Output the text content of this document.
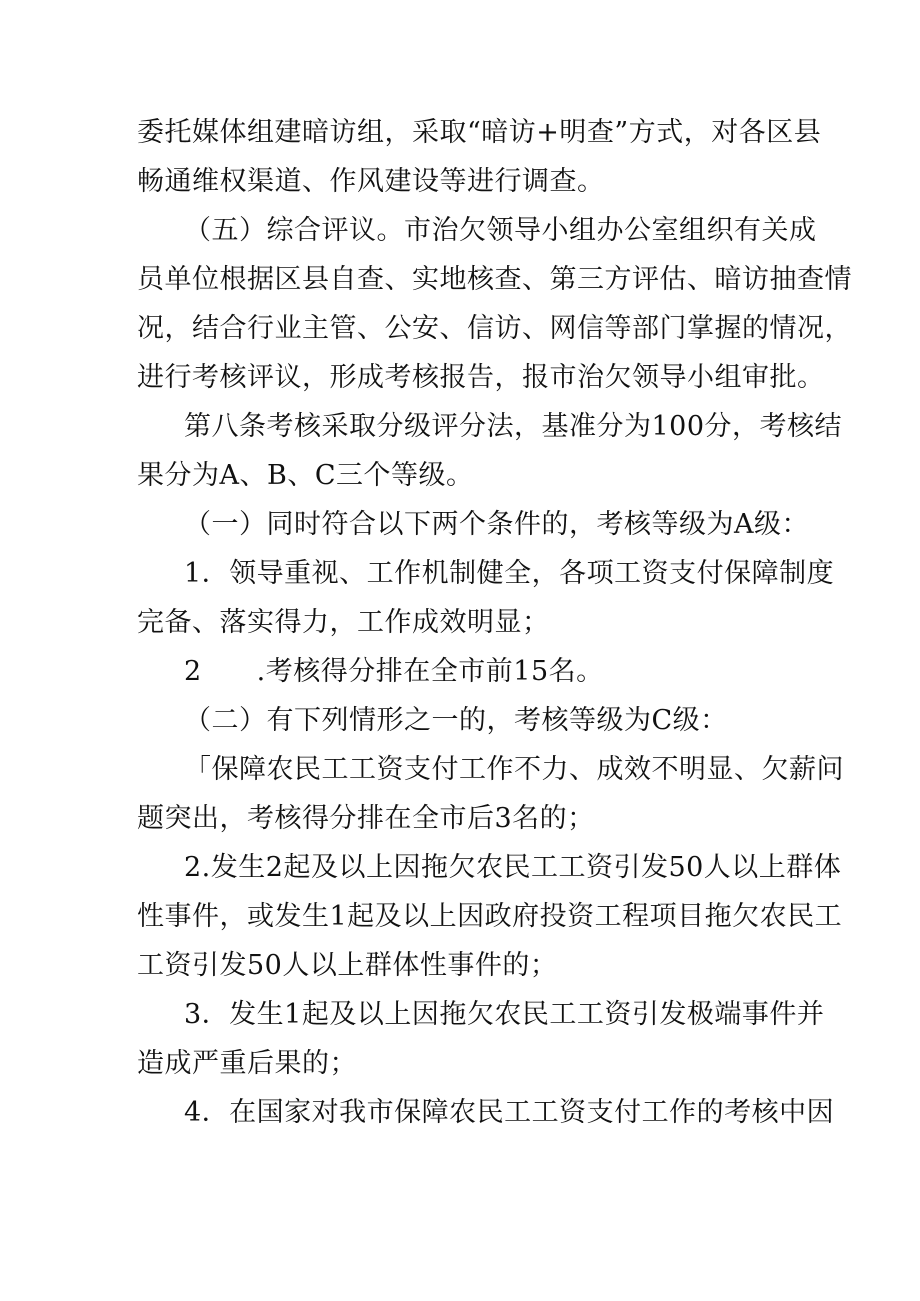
委托媒体组建暗访组，采取“暗访+明查”方式，对各区县
畅通维权渠道、作风建设等进行调查。
（五）综合评议。市治欠领导小组办公室组织有关成
员单位根据区县自查、实地核查、第三方评估、暗访抽查情
况，结合行业主管、公安、信访、网信等部门掌握的情况，
进行考核评议，形成考核报告，报市治欠领导小组审批。
第八条考核采取分级评分法，基准分为100分，考核结
果分为A、B、C三个等级。
（一）同时符合以下两个条件的，考核等级为A级：
1．领导重视、工作机制健全，各项工资支付保障制度
完备、落实得力，工作成效明显；
2　　.考核得分排在全市前15名。
（二）有下列情形之一的，考核等级为C级：
「保障农民工工资支付工作不力、成效不明显、欠薪问
题突出，考核得分排在全市后3名的；
2.发生2起及以上因拖欠农民工工资引发50人以上群体
性事件，或发生1起及以上因政府投资工程项目拖欠农民工
工资引发50人以上群体性事件的；
3．发生1起及以上因拖欠农民工工资引发极端事件并
造成严重后果的；
4．在国家对我市保障农民工工资支付工作的考核中因
